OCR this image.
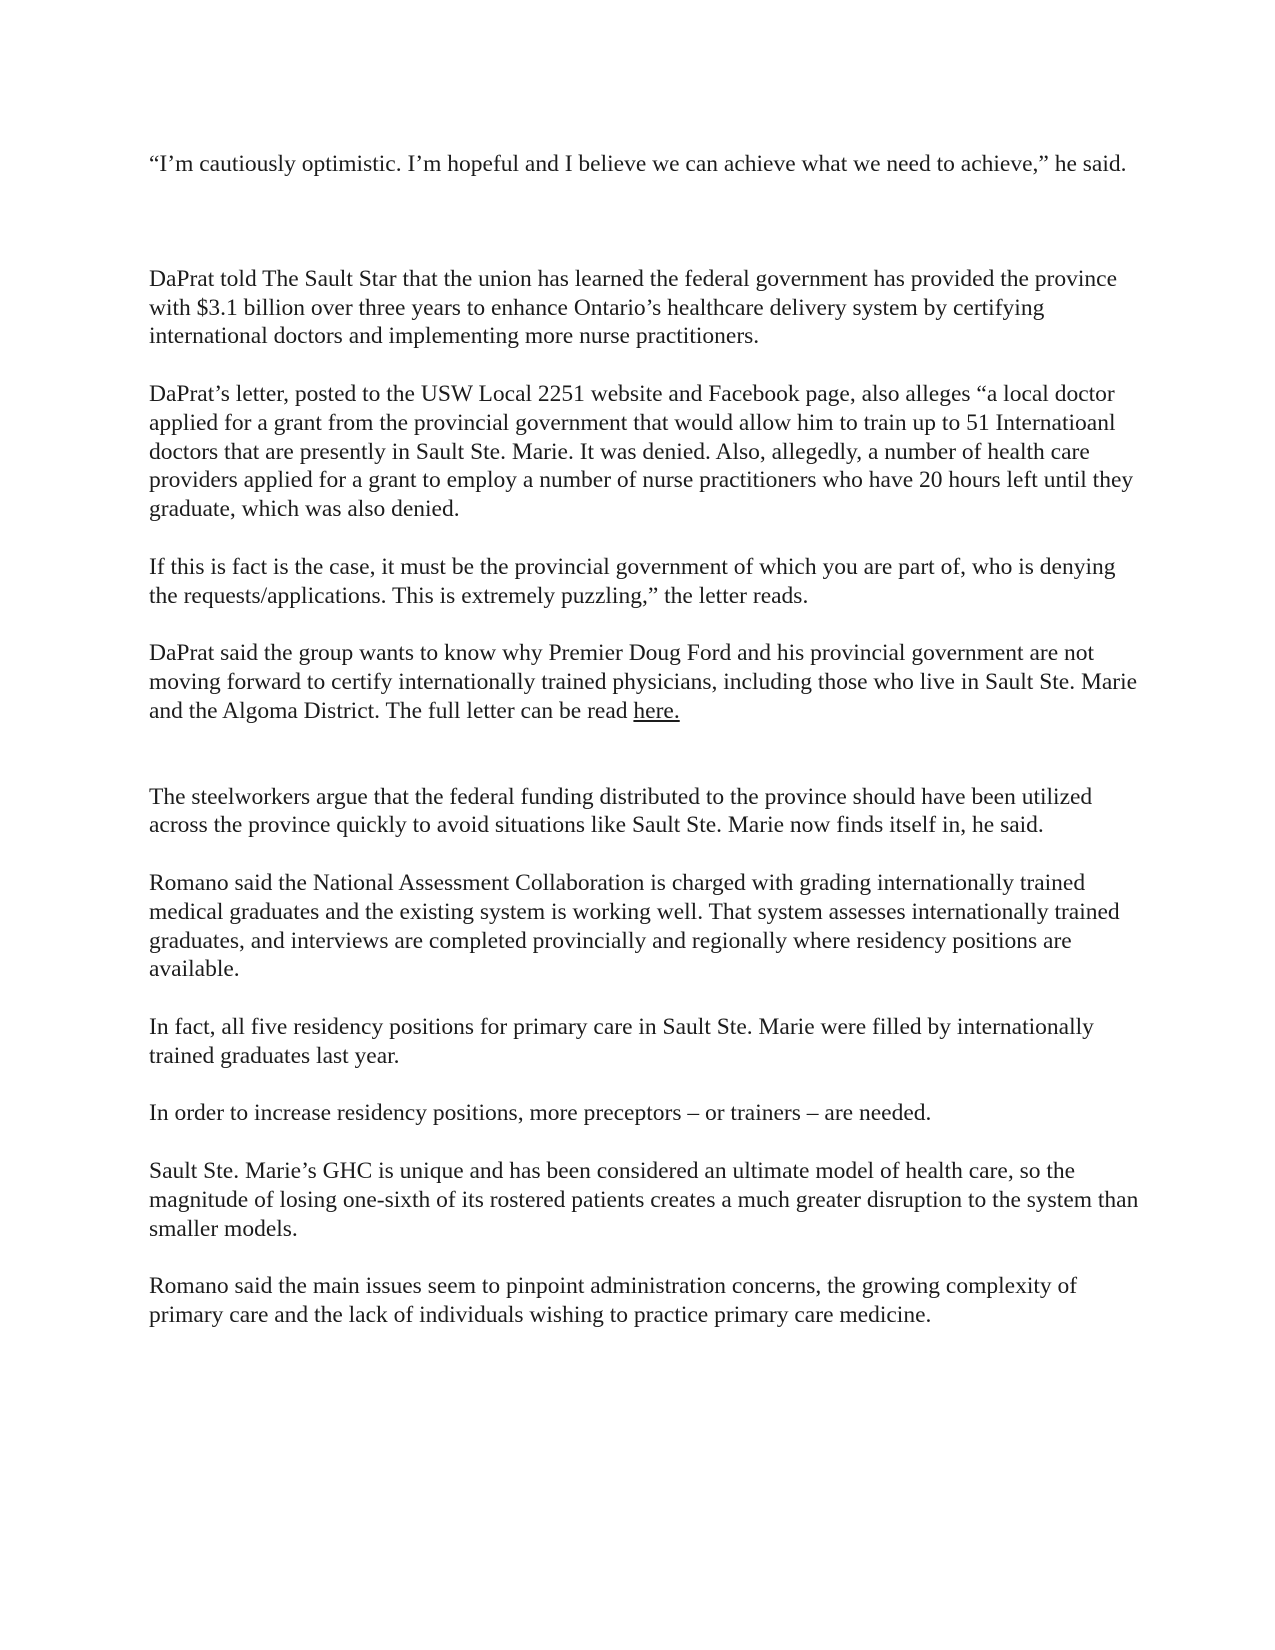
“I’m cautiously optimistic. I’m hopeful and I believe we can achieve what we need to achieve,” he said.

DaPrat told The Sault Star that the union has learned the federal government has provided the province with $3.1 billion over three years to enhance Ontario’s healthcare delivery system by certifying international doctors and implementing more nurse practitioners.

DaPrat’s letter, posted to the USW Local 2251 website and Facebook page, also alleges “a local doctor applied for a grant from the provincial government that would allow him to train up to 51 Internatioanl doctors that are presently in Sault Ste. Marie. It was denied. Also, allegedly, a number of health care providers applied for a grant to employ a number of nurse practitioners who have 20 hours left until they graduate, which was also denied.

If this is fact is the case, it must be the provincial government of which you are part of, who is denying the requests/applications. This is extremely puzzling,” the letter reads.

DaPrat said the group wants to know why Premier Doug Ford and his provincial government are not moving forward to certify internationally trained physicians, including those who live in Sault Ste. Marie and the Algoma District. The full letter can be read here.

The steelworkers argue that the federal funding distributed to the province should have been utilized across the province quickly to avoid situations like Sault Ste. Marie now finds itself in, he said.

Romano said the National Assessment Collaboration is charged with grading internationally trained medical graduates and the existing system is working well. That system assesses internationally trained graduates, and interviews are completed provincially and regionally where residency positions are available.

In fact, all five residency positions for primary care in Sault Ste. Marie were filled by internationally trained graduates last year.

In order to increase residency positions, more preceptors – or trainers – are needed.

Sault Ste. Marie’s GHC is unique and has been considered an ultimate model of health care, so the magnitude of losing one-sixth of its rostered patients creates a much greater disruption to the system than smaller models.

Romano said the main issues seem to pinpoint administration concerns, the growing complexity of primary care and the lack of individuals wishing to practice primary care medicine.
